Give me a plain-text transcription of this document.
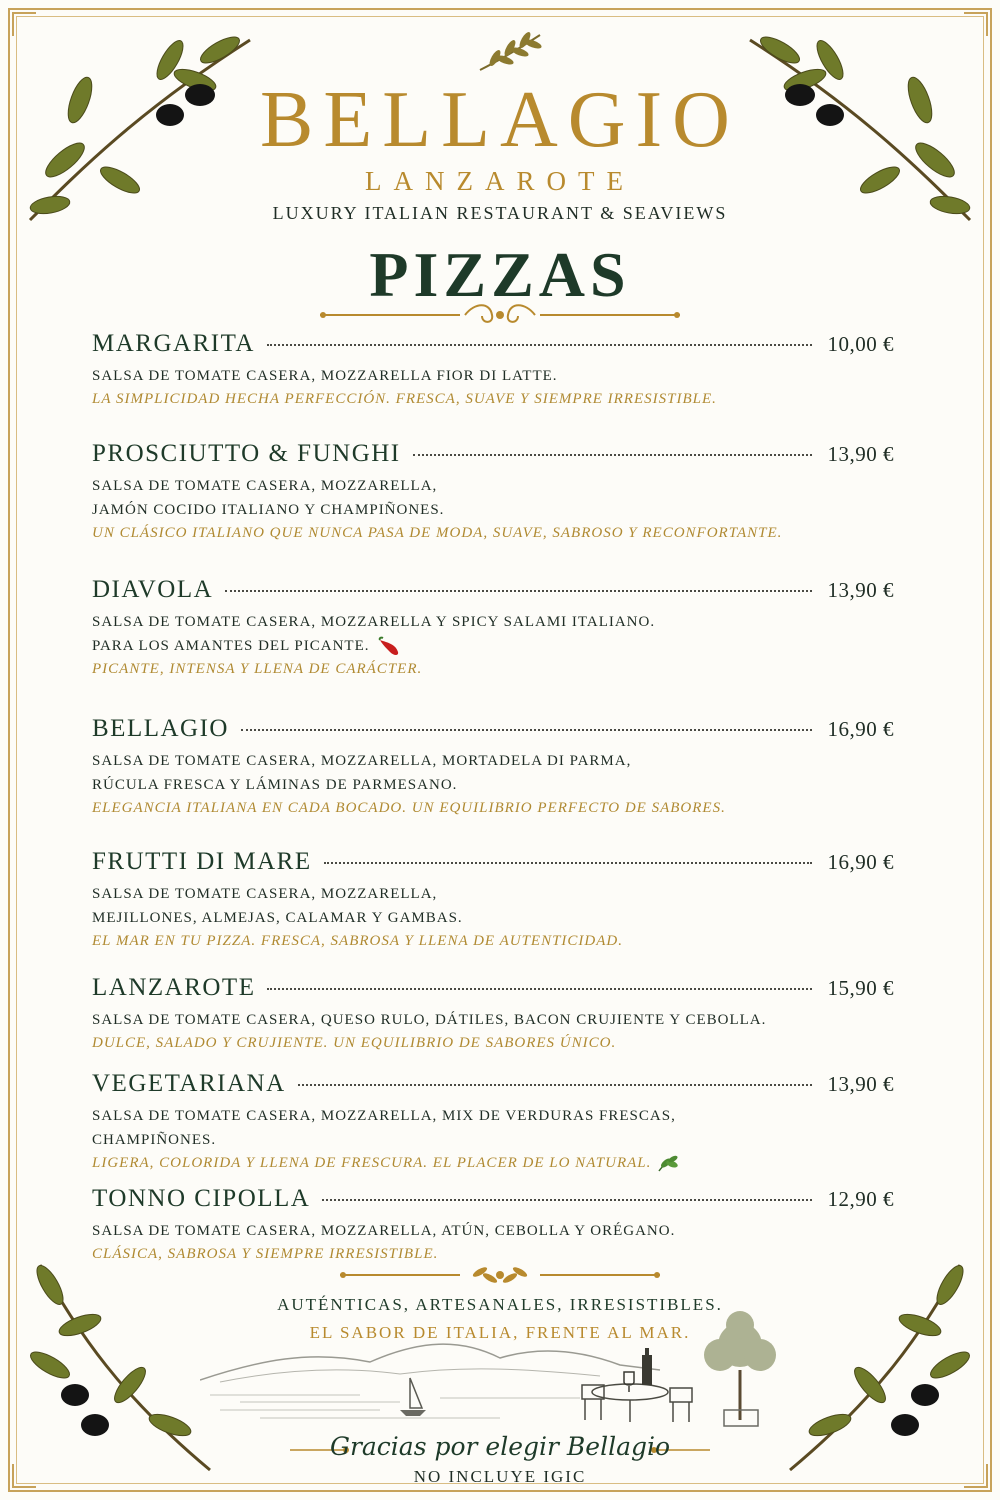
BELLAGIO
LANZAROTE
LUXURY ITALIAN RESTAURANT & SEAVIEWS
PIZZAS
MARGARITA	10,00 €
SALSA DE TOMATE CASERA, MOZZARELLA FIOR DI LATTE.
LA SIMPLICIDAD HECHA PERFECCIÓN. FRESCA, SUAVE Y SIEMPRE IRRESISTIBLE.
PROSCIUTTO & FUNGHI	13,90 €
SALSA DE TOMATE CASERA, MOZZARELLA,
JAMÓN COCIDO ITALIANO Y CHAMPIÑONES.
UN CLÁSICO ITALIANO QUE NUNCA PASA DE MODA, SUAVE, SABROSO Y RECONFORTANTE.
DIAVOLA	13,90 €
SALSA DE TOMATE CASERA, MOZZARELLA Y SPICY SALAMI ITALIANO.
PARA LOS AMANTES DEL PICANTE.
PICANTE, INTENSA Y LLENA DE CARÁCTER.
BELLAGIO	16,90 €
SALSA DE TOMATE CASERA, MOZZARELLA, MORTADELA DI PARMA,
RÚCULA FRESCA Y LÁMINAS DE PARMESANO.
ELEGANCIA ITALIANA EN CADA BOCADO. UN EQUILIBRIO PERFECTO DE SABORES.
FRUTTI DI MARE	16,90 €
SALSA DE TOMATE CASERA, MOZZARELLA,
MEJILLONES, ALMEJAS, CALAMAR Y GAMBAS.
EL MAR EN TU PIZZA. FRESCA, SABROSA Y LLENA DE AUTENTICIDAD.
LANZAROTE	15,90 €
SALSA DE TOMATE CASERA, QUESO RULO, DÁTILES, BACON CRUJIENTE Y CEBOLLA.
DULCE, SALADO Y CRUJIENTE. UN EQUILIBRIO DE SABORES ÚNICO.
VEGETARIANA	13,90 €
SALSA DE TOMATE CASERA, MOZZARELLA, MIX DE VERDURAS FRESCAS,
CHAMPIÑONES.
LIGERA, COLORIDA Y LLENA DE FRESCURA. EL PLACER DE LO NATURAL.
TONNO CIPOLLA	12,90 €
SALSA DE TOMATE CASERA, MOZZARELLA, ATÚN, CEBOLLA Y ORÉGANO.
CLÁSICA, SABROSA Y SIEMPRE IRRESISTIBLE.
AUTÉNTICAS, ARTESANALES, IRRESISTIBLES.
EL SABOR DE ITALIA, FRENTE AL MAR.
Gracias por elegir Bellagio
NO INCLUYE IGIC
